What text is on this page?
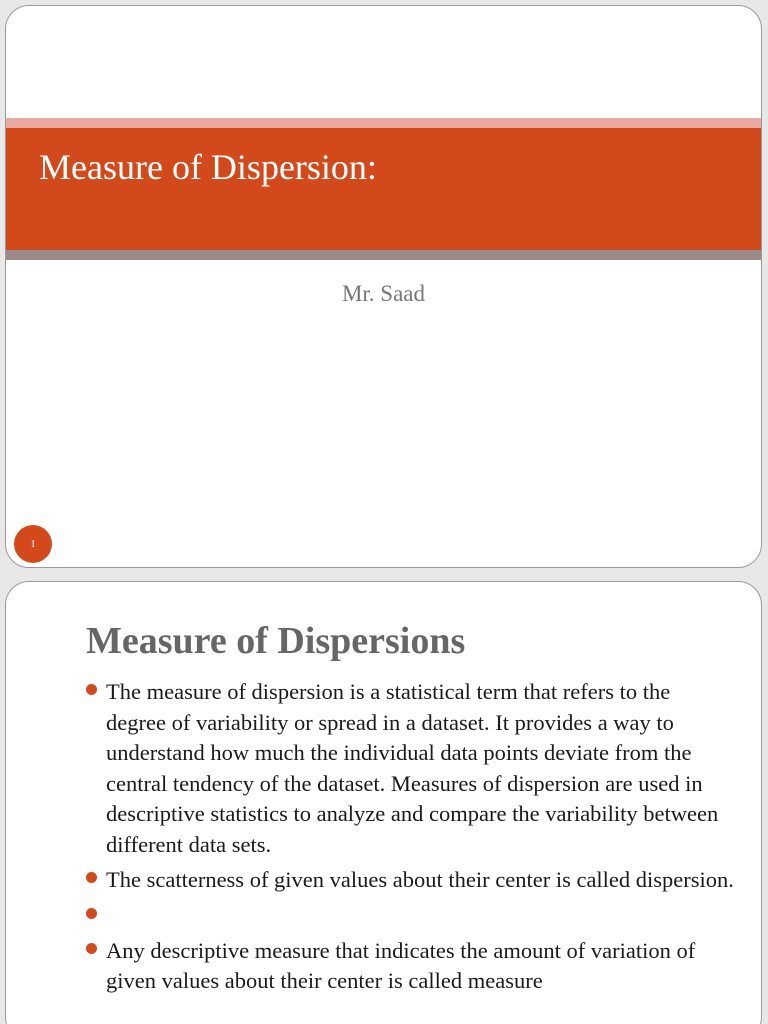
Measure of Dispersion:
Mr. Saad
1
Measure of Dispersions
The measure of dispersion is a statistical term that refers to the degree of variability or spread in a dataset. It provides a way to understand how much the individual data points deviate from the central tendency of the dataset. Measures of dispersion are used in descriptive statistics to analyze and compare the variability between different data sets.
The scatterness of given values about their center is called dispersion.
Any descriptive measure that indicates the amount of variation of given values about their center is called measure
